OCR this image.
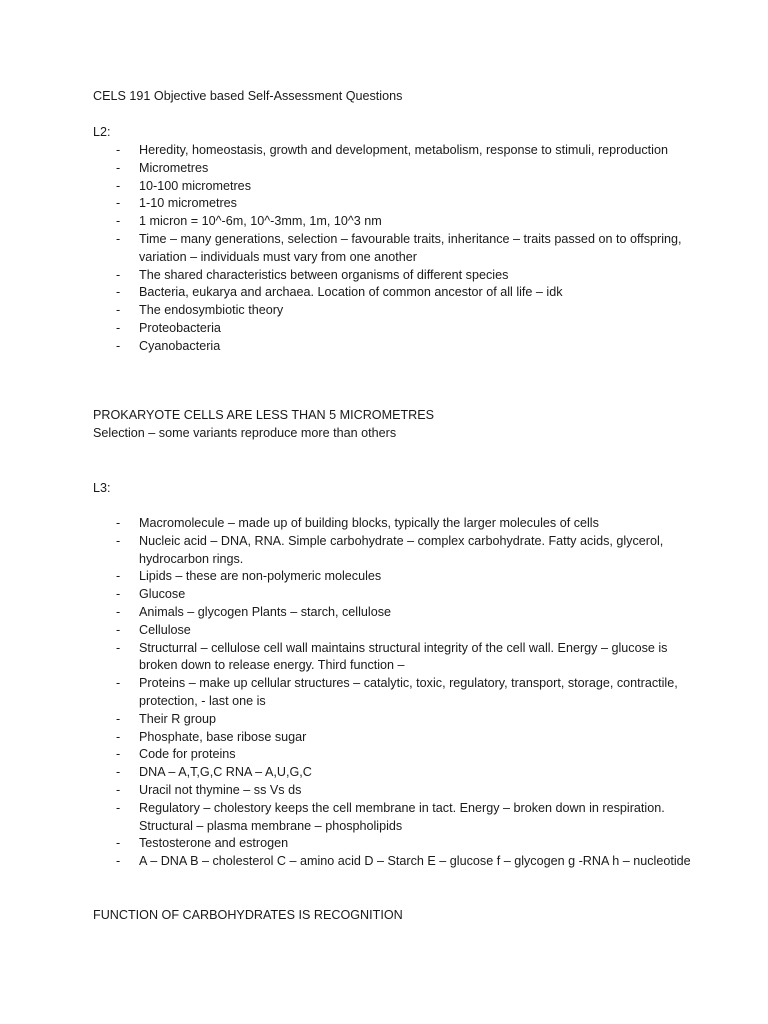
CELS 191 Objective based Self-Assessment Questions

L2:

- Heredity, homeostasis, growth and development, metabolism, response to stimuli, reproduction
- Micrometres
- 10-100 micrometres
- 1-10 micrometres
- 1 micron = 10^-6m, 10^-3mm, 1m, 10^3 nm
- Time – many generations, selection – favourable traits, inheritance – traits passed on to offspring, variation – individuals must vary from one another
- The shared characteristics between organisms of different species
- Bacteria, eukarya and archaea. Location of common ancestor of all life – idk
- The endosymbiotic theory
- Proteobacteria
- Cyanobacteria

PROKARYOTE CELLS ARE LESS THAN 5 MICROMETRES

Selection – some variants reproduce more than others

L3:

- Macromolecule – made up of building blocks, typically the larger molecules of cells
- Nucleic acid – DNA, RNA. Simple carbohydrate – complex carbohydrate. Fatty acids, glycerol, hydrocarbon rings.
- Lipids – these are non-polymeric molecules
- Glucose
- Animals – glycogen Plants – starch, cellulose
- Cellulose
- Structurral – cellulose cell wall maintains structural integrity of the cell wall. Energy – glucose is broken down to release energy. Third function –
- Proteins – make up cellular structures – catalytic, toxic, regulatory, transport, storage, contractile, protection, - last one is
- Their R group
- Phosphate, base ribose sugar
- Code for proteins
- DNA – A,T,G,C RNA – A,U,G,C
- Uracil not thymine – ss Vs ds
- Regulatory – cholestory keeps the cell membrane in tact. Energy – broken down in respiration. Structural – plasma membrane – phospholipids
- Testosterone and estrogen
- A – DNA B – cholesterol C – amino acid D – Starch E – glucose f – glycogen g -RNA h – nucleotide

FUNCTION OF CARBOHYDRATES IS RECOGNITION
